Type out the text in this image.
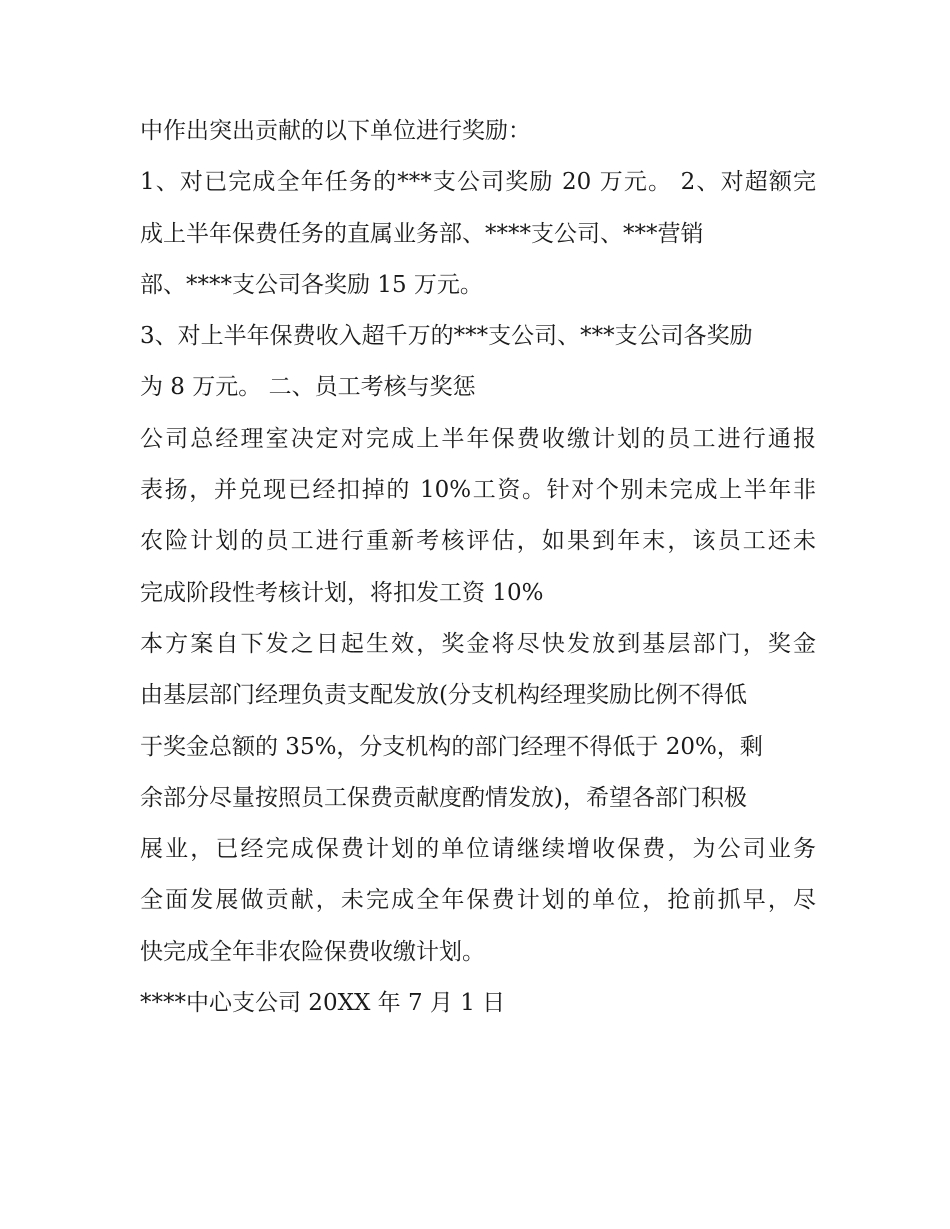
中作出突出贡献的以下单位进行奖励：
1、对已完成全年任务的***支公司奖励 20 万元。 2、对超额完
成上半年保费任务的直属业务部、****支公司、***营销
部、****支公司各奖励 15 万元。
3、对上半年保费收入超千万的***支公司、***支公司各奖励
为 8 万元。 二、员工考核与奖惩
公司总经理室决定对完成上半年保费收缴计划的员工进行通报
表扬，并兑现已经扣掉的 10%工资。针对个别未完成上半年非
农险计划的员工进行重新考核评估，如果到年末，该员工还未
完成阶段性考核计划，将扣发工资 10%
本方案自下发之日起生效，奖金将尽快发放到基层部门，奖金
由基层部门经理负责支配发放(分支机构经理奖励比例不得低
于奖金总额的 35%，分支机构的部门经理不得低于 20%，剩
余部分尽量按照员工保费贡献度酌情发放)，希望各部门积极
展业，已经完成保费计划的单位请继续增收保费，为公司业务
全面发展做贡献，未完成全年保费计划的单位，抢前抓早，尽
快完成全年非农险保费收缴计划。
****中心支公司 20XX 年 7 月 1 日
